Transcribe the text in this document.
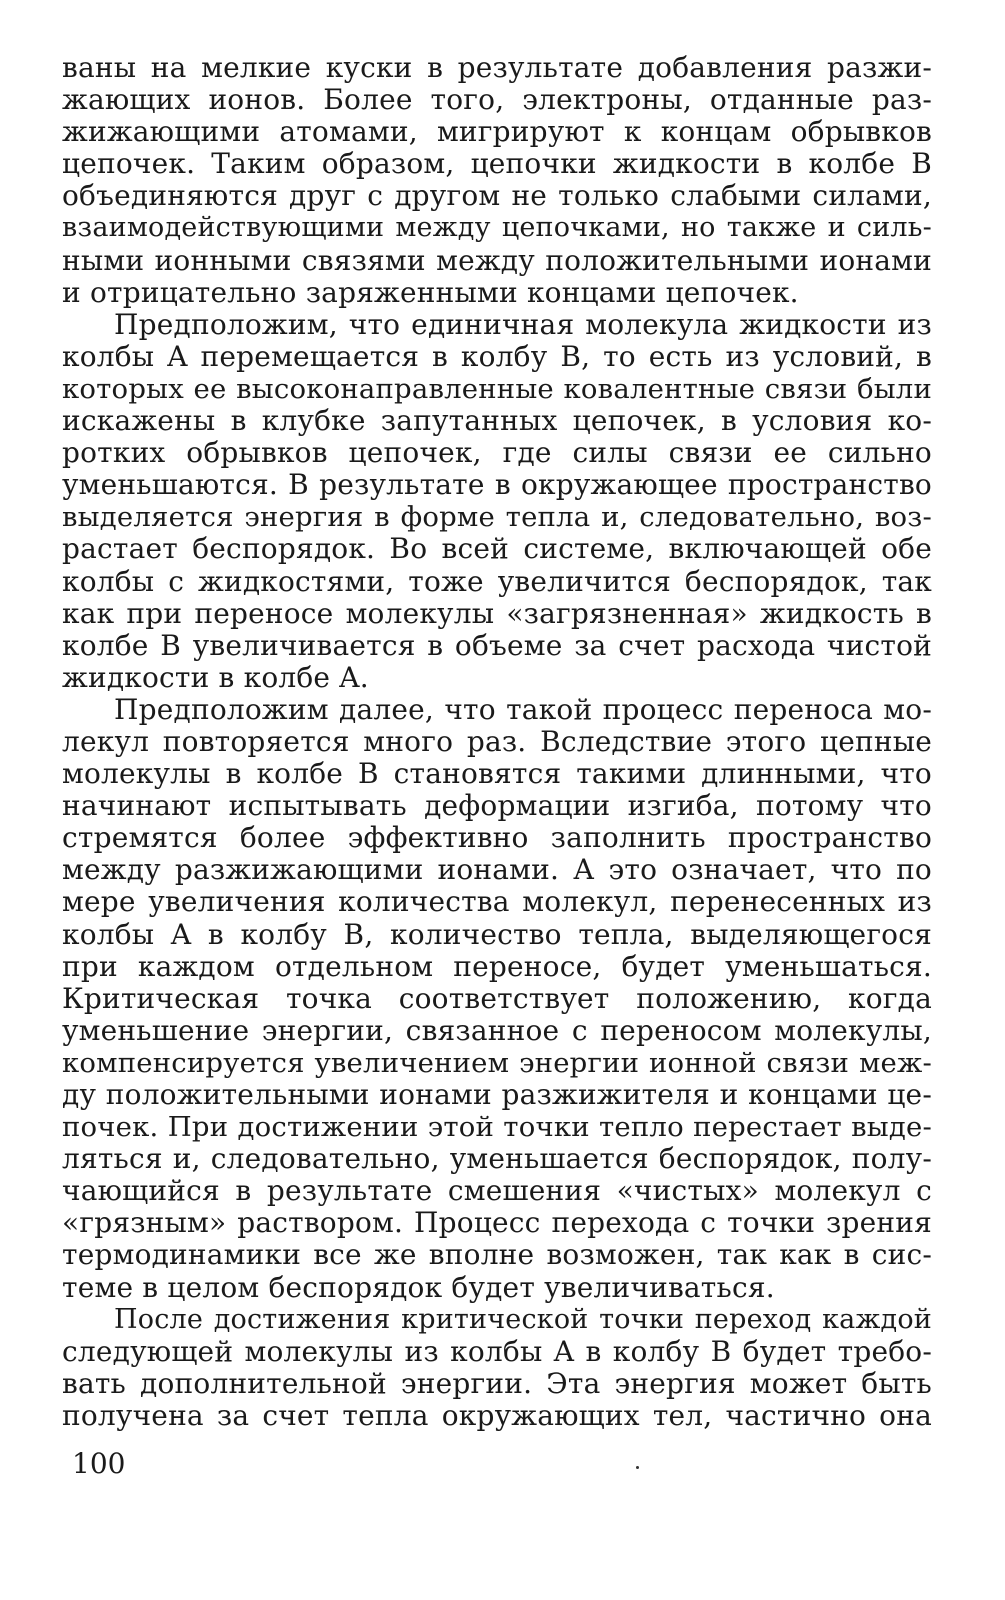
ваны на мелкие куски в результате добавления разжи-
жающих ионов. Более того, электроны, отданные раз-
жижающими атомами, мигрируют к концам обрывков
цепочек. Таким образом, цепочки жидкости в колбе B
объединяются друг с другом не только слабыми силами,
взаимодействующими между цепочками, но также и силь-
ными ионными связями между положительными ионами
и отрицательно заряженными концами цепочек.
Предположим, что единичная молекула жидкости из
колбы A перемещается в колбу B, то есть из условий, в
которых ее высоконаправленные ковалентные связи были
искажены в клубке запутанных цепочек, в условия ко-
ротких обрывков цепочек, где силы связи ее сильно
уменьшаются. В результате в окружающее пространство
выделяется энергия в форме тепла и, следовательно, воз-
растает беспорядок. Во всей системе, включающей обе
колбы с жидкостями, тоже увеличится беспорядок, так
как при переносе молекулы «загрязненная» жидкость в
колбе B увеличивается в объеме за счет расхода чистой
жидкости в колбе A.
Предположим далее, что такой процесс переноса мо-
лекул повторяется много раз. Вследствие этого цепные
молекулы в колбе B становятся такими длинными, что
начинают испытывать деформации изгиба, потому что
стремятся более эффективно заполнить пространство
между разжижающими ионами. А это означает, что по
мере увеличения количества молекул, перенесенных из
колбы A в колбу B, количество тепла, выделяющегося
при каждом отдельном переносе, будет уменьшаться.
Критическая точка соответствует положению, когда
уменьшение энергии, связанное с переносом молекулы,
компенсируется увеличением энергии ионной связи меж-
ду положительными ионами разжижителя и концами це-
почек. При достижении этой точки тепло перестает выде-
ляться и, следовательно, уменьшается беспорядок, полу-
чающийся в результате смешения «чистых» молекул с
«грязным» раствором. Процесс перехода с точки зрения
термодинамики все же вполне возможен, так как в сис-
теме в целом беспорядок будет увеличиваться.
После достижения критической точки переход каждой
следующей молекулы из колбы A в колбу B будет требо-
вать дополнительной энергии. Эта энергия может быть
получена за счет тепла окружающих тел, частично она
100
